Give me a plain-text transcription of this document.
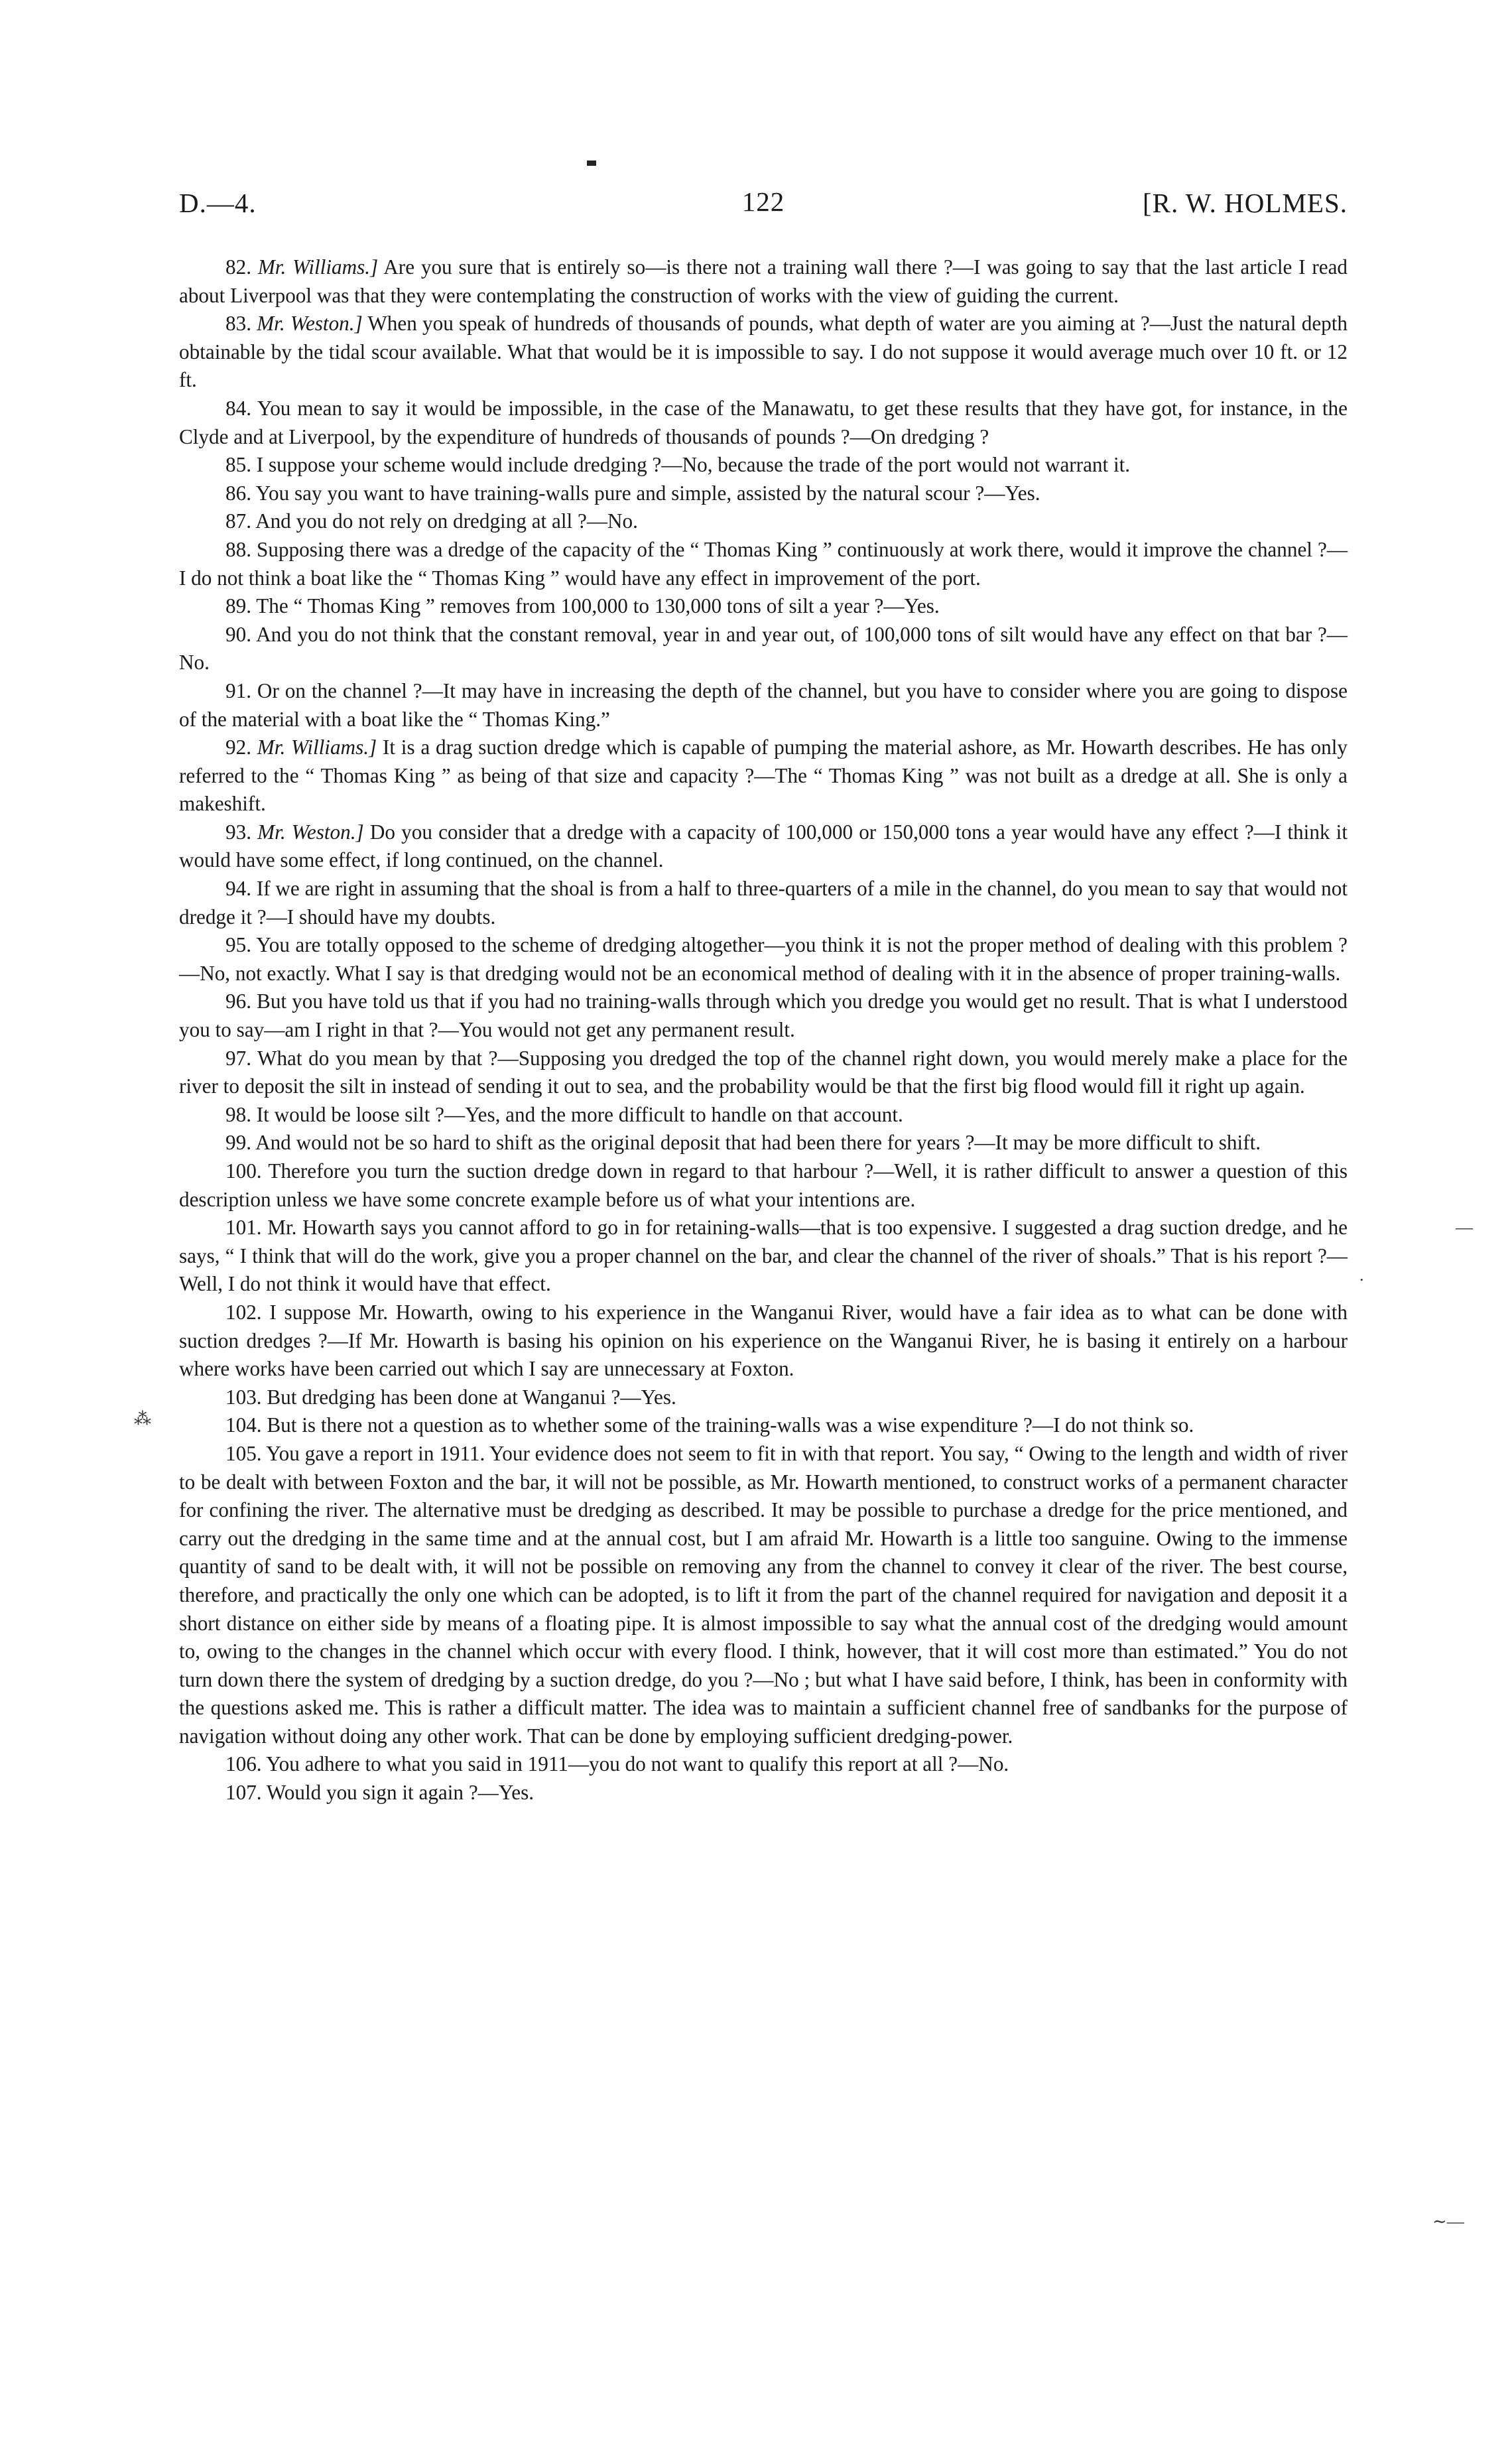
D.—4.	122	[R. W. HOLMES.

82. Mr. Williams.] Are you sure that is entirely so—is there not a training wall there ?—I was going to say that the last article I read about Liverpool was that they were contemplating the construction of works with the view of guiding the current.

83. Mr. Weston.] When you speak of hundreds of thousands of pounds, what depth of water are you aiming at ?—Just the natural depth obtainable by the tidal scour available. What that would be it is impossible to say. I do not suppose it would average much over 10 ft. or 12 ft.

84. You mean to say it would be impossible, in the case of the Manawatu, to get these results that they have got, for instance, in the Clyde and at Liverpool, by the expenditure of hundreds of thousands of pounds ?—On dredging ?

85. I suppose your scheme would include dredging ?—No, because the trade of the port would not warrant it.

86. You say you want to have training-walls pure and simple, assisted by the natural scour ?—Yes.

87. And you do not rely on dredging at all ?—No.

88. Supposing there was a dredge of the capacity of the “ Thomas King ” continuously at work there, would it improve the channel ?—I do not think a boat like the “ Thomas King ” would have any effect in improvement of the port.

89. The “ Thomas King ” removes from 100,000 to 130,000 tons of silt a year ?—Yes.

90. And you do not think that the constant removal, year in and year out, of 100,000 tons of silt would have any effect on that bar ?—No.

91. Or on the channel ?—It may have in increasing the depth of the channel, but you have to consider where you are going to dispose of the material with a boat like the “ Thomas King.”

92. Mr. Williams.] It is a drag suction dredge which is capable of pumping the material ashore, as Mr. Howarth describes. He has only referred to the “ Thomas King ” as being of that size and capacity ?—The “ Thomas King ” was not built as a dredge at all. She is only a makeshift.

93. Mr. Weston.] Do you consider that a dredge with a capacity of 100,000 or 150,000 tons a year would have any effect ?—I think it would have some effect, if long continued, on the channel.

94. If we are right in assuming that the shoal is from a half to three-quarters of a mile in the channel, do you mean to say that would not dredge it ?—I should have my doubts.

95. You are totally opposed to the scheme of dredging altogether—you think it is not the proper method of dealing with this problem ?—No, not exactly. What I say is that dredging would not be an economical method of dealing with it in the absence of proper training-walls.

96. But you have told us that if you had no training-walls through which you dredge you would get no result. That is what I understood you to say—am I right in that ?—You would not get any permanent result.

97. What do you mean by that ?—Supposing you dredged the top of the channel right down, you would merely make a place for the river to deposit the silt in instead of sending it out to sea, and the probability would be that the first big flood would fill it right up again.

98. It would be loose silt ?—Yes, and the more difficult to handle on that account.

99. And would not be so hard to shift as the original deposit that had been there for years ?—It may be more difficult to shift.

100. Therefore you turn the suction dredge down in regard to that harbour ?—Well, it is rather difficult to answer a question of this description unless we have some concrete example before us of what your intentions are.

101. Mr. Howarth says you cannot afford to go in for retaining-walls—that is too expensive. I suggested a drag suction dredge, and he says, “ I think that will do the work, give you a proper channel on the bar, and clear the channel of the river of shoals.” That is his report ?—Well, I do not think it would have that effect.

102. I suppose Mr. Howarth, owing to his experience in the Wanganui River, would have a fair idea as to what can be done with suction dredges ?—If Mr. Howarth is basing his opinion on his experience on the Wanganui River, he is basing it entirely on a harbour where works have been carried out which I say are unnecessary at Foxton.

103. But dredging has been done at Wanganui ?—Yes.

104. But is there not a question as to whether some of the training-walls was a wise expenditure ?—I do not think so.

105. You gave a report in 1911. Your evidence does not seem to fit in with that report. You say, “ Owing to the length and width of river to be dealt with between Foxton and the bar, it will not be possible, as Mr. Howarth mentioned, to construct works of a permanent character for confining the river. The alternative must be dredging as described. It may be possible to purchase a dredge for the price mentioned, and carry out the dredging in the same time and at the annual cost, but I am afraid Mr. Howarth is a little too sanguine. Owing to the immense quantity of sand to be dealt with, it will not be possible on removing any from the channel to convey it clear of the river. The best course, therefore, and practically the only one which can be adopted, is to lift it from the part of the channel required for navigation and deposit it a short distance on either side by means of a floating pipe. It is almost impossible to say what the annual cost of the dredging would amount to, owing to the changes in the channel which occur with every flood. I think, however, that it will cost more than estimated.” You do not turn down there the system of dredging by a suction dredge, do you ?—No ; but what I have said before, I think, has been in conformity with the questions asked me. This is rather a difficult matter. The idea was to maintain a sufficient channel free of sandbanks for the purpose of navigation without doing any other work. That can be done by employing sufficient dredging-power.

106. You adhere to what you said in 1911—you do not want to qualify this report at all ?—No.

107. Would you sign it again ?—Yes.

⁂
—
.
∼—
